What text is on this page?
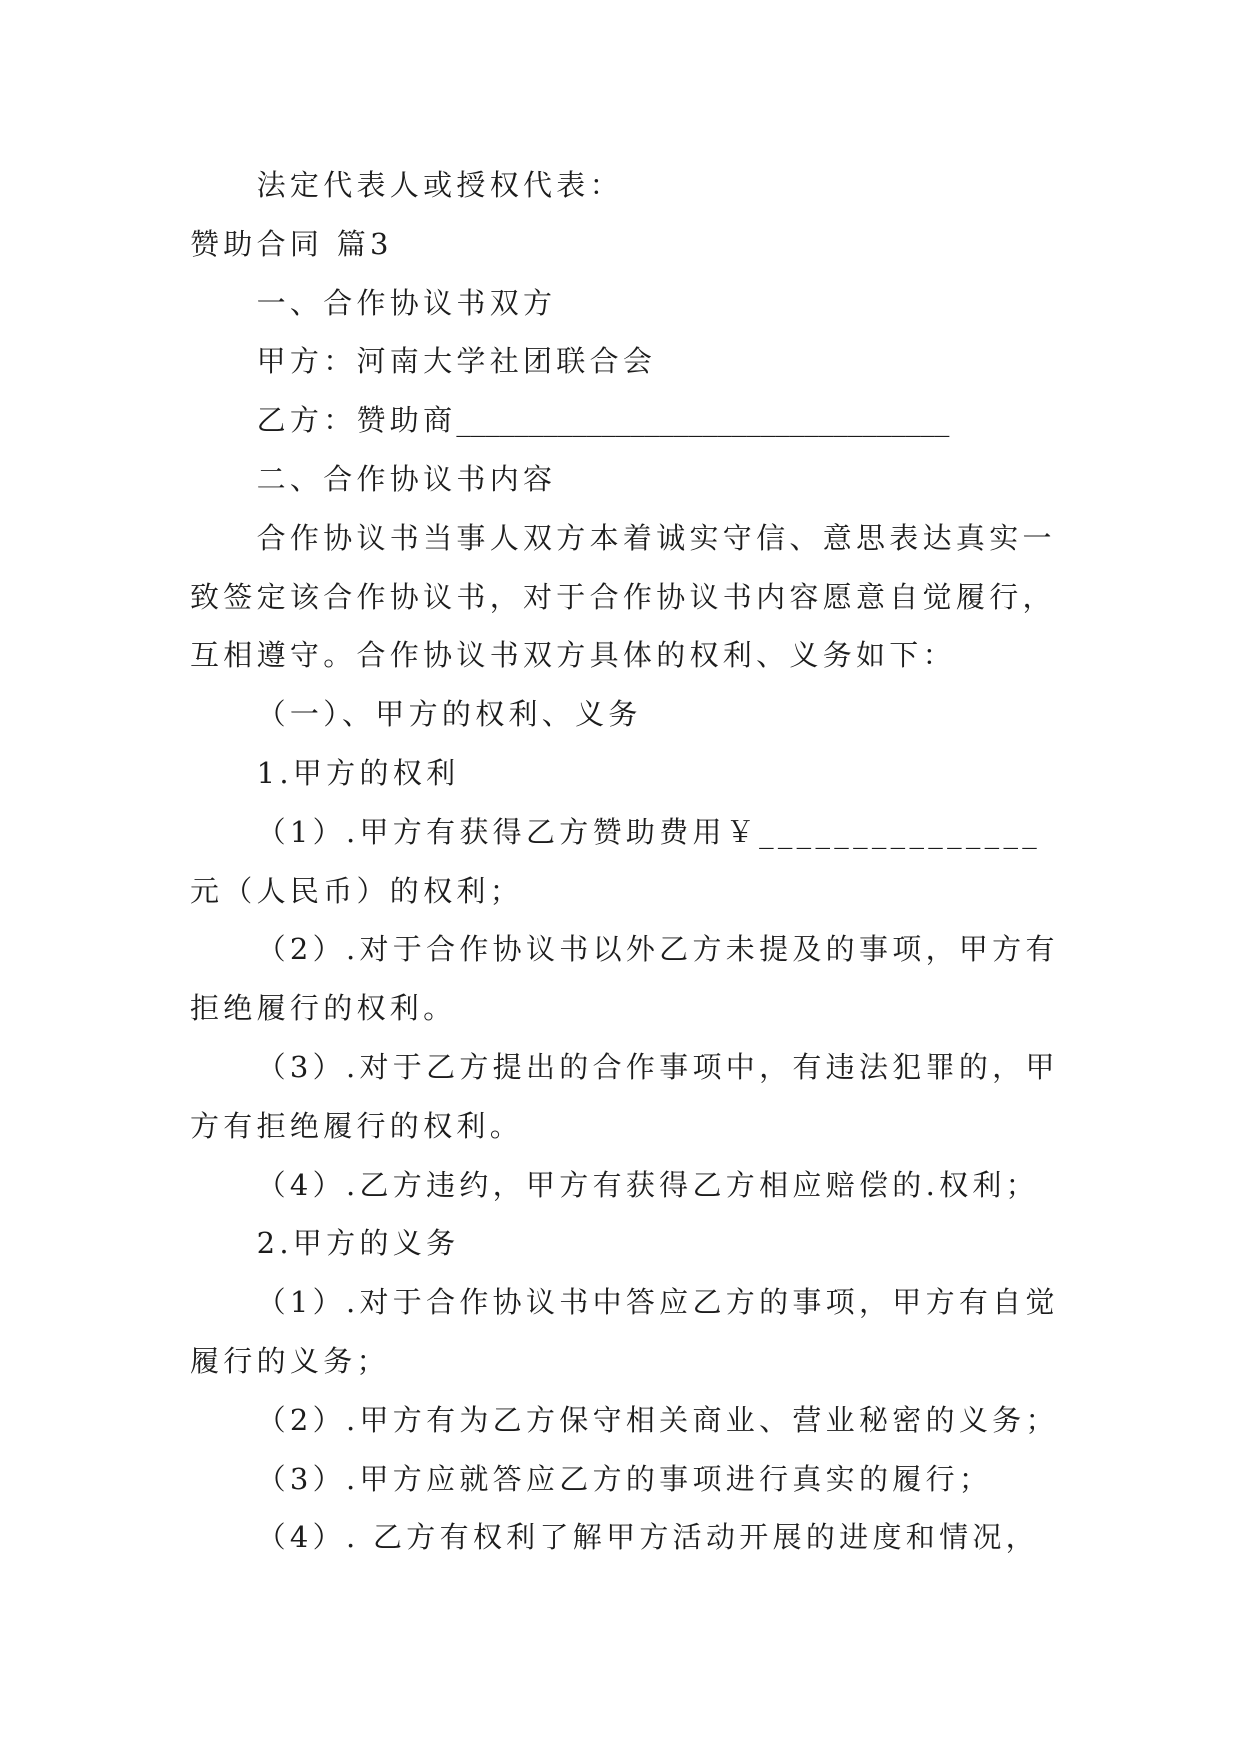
法定代表人或授权代表：
赞助合同 篇3
一、合作协议书双方
甲方：河南大学社团联合会
乙方：赞助商__________________________________
二、合作协议书内容
合作协议书当事人双方本着诚实守信、意思表达真实一
致签定该合作协议书，对于合作协议书内容愿意自觉履行，
互相遵守。合作协议书双方具体的权利、义务如下：
（一）、甲方的权利、义务
1.甲方的权利
（1）.甲方有获得乙方赞助费用￥_______________
元（人民币）的权利；
（2）.对于合作协议书以外乙方未提及的事项，甲方有
拒绝履行的权利。
（3）.对于乙方提出的合作事项中，有违法犯罪的，甲
方有拒绝履行的权利。
（4）.乙方违约，甲方有获得乙方相应赔偿的.权利；
2.甲方的义务
（1）.对于合作协议书中答应乙方的事项，甲方有自觉
履行的义务；
（2）.甲方有为乙方保守相关商业、营业秘密的义务；
（3）.甲方应就答应乙方的事项进行真实的履行；
（4）. 乙方有权利了解甲方活动开展的进度和情况，
